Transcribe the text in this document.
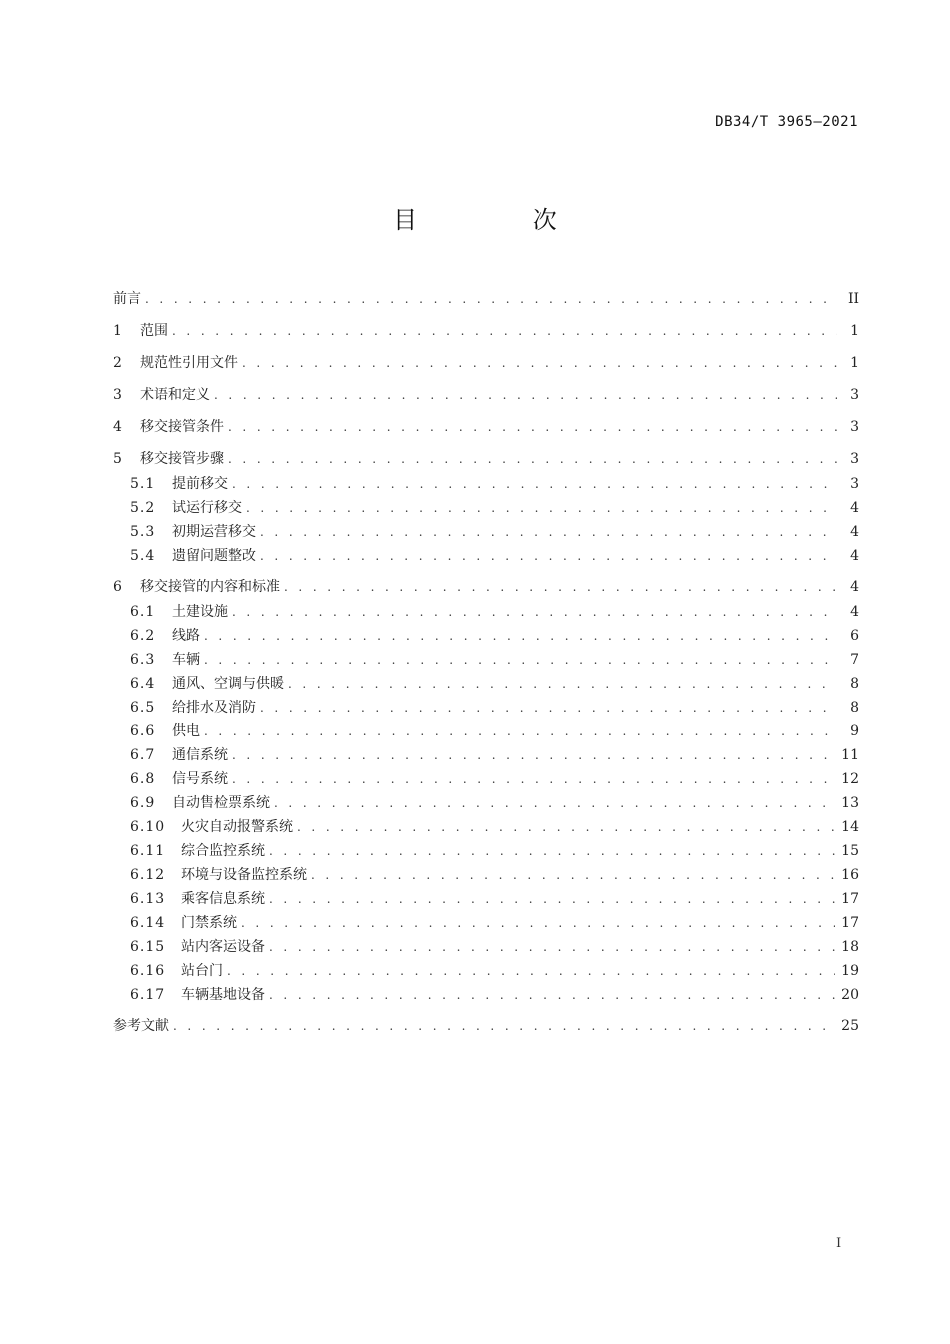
DB34/T 3965—2021
目 次
前言 . . .	II
1	范围 . . .	1
2	规范性引用文件 . . .	1
3	术语和定义 . . .	3
4	移交接管条件 . . .	3
5	移交接管步骤 . . .	3
5.1	提前移交 . . .	3
5.2	试运行移交 . . .	4
5.3	初期运营移交 . . .	4
5.4	遗留问题整改 . . .	4
6	移交接管的内容和标准 . . .	4
6.1	土建设施 . . .	4
6.2	线路 . . .	6
6.3	车辆 . . .	7
6.4	通风、空调与供暖 . . .	8
6.5	给排水及消防 . . .	8
6.6	供电 . . .	9
6.7	通信系统 . . .	11
6.8	信号系统 . . .	12
6.9	自动售检票系统 . . .	13
6.10	火灾自动报警系统 . . .	14
6.11	综合监控系统 . . .	15
6.12	环境与设备监控系统 . . .	16
6.13	乘客信息系统 . . .	17
6.14	门禁系统 . . .	17
6.15	站内客运设备 . . .	18
6.16	站台门 . . .	19
6.17	车辆基地设备 . . .	20
参考文献 . . .	25
I
